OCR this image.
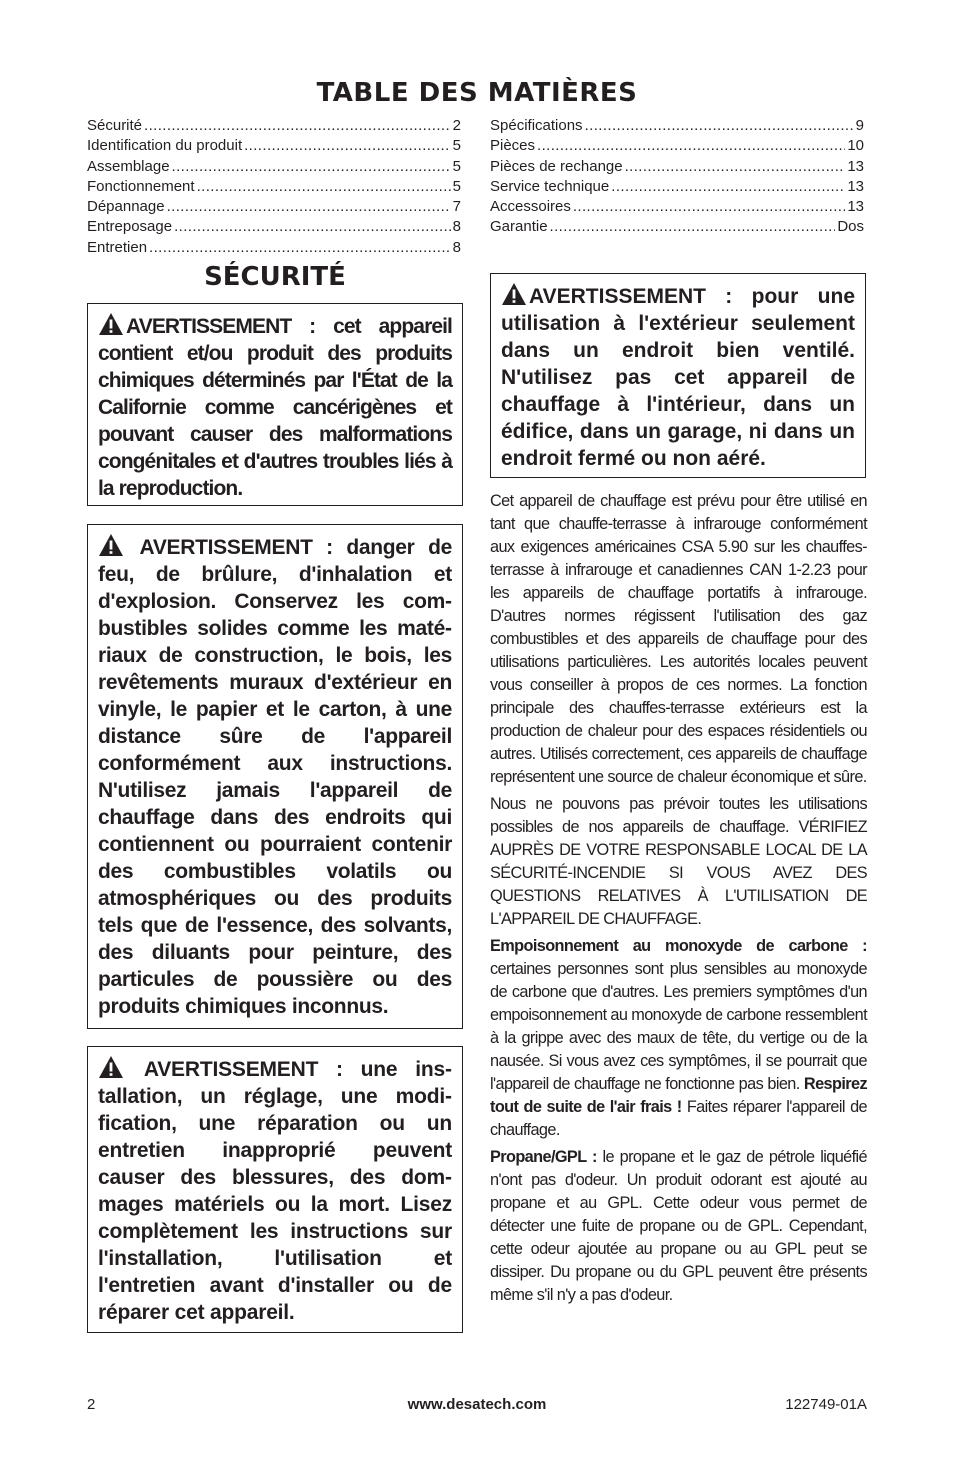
TABLE DES MATIÈRES
Sécurité .....	2
Identification du produit .....	5
Assemblage .....	5
Fonctionnement .....	5
Dépannage .....	7
Entreposage .....	8
Entretien .....	8
Spécifications .....	9
Pièces .....	10
Pièces de rechange .....	13
Service technique .....	13
Accessoires .....	13
Garantie .....	Dos
SÉCURITÉ
AVERTISSEMENT : cet appareil contient et/ou produit des produits chimiques déterminés par l'État de la Californie comme cancérigènes et pouvant causer des malformations congénitales et d'autres troubles liés à la reproduction.
AVERTISSEMENT : danger de feu, de brûlure, d'inhalation et d'explosion. Conservez les combustibles solides comme les matériaux de construction, le bois, les revêtements muraux d'extérieur en vinyle, le papier et le carton, à une distance sûre de l'appareil conformément aux instructions. N'utilisez jamais l'appareil de chauffage dans des endroits qui contiennent ou pourraient contenir des combustibles volatils ou atmosphériques ou des produits tels que de l'essence, des solvants, des diluants pour peinture, des particules de poussière ou des produits chimiques inconnus.
AVERTISSEMENT : une installation, un réglage, une modification, une réparation ou un entretien inapproprié peuvent causer des blessures, des dommages matériels ou la mort. Lisez complètement les instructions sur l'installation, l'utilisation et l'entretien avant d'installer ou de réparer cet appareil.
AVERTISSEMENT : pour une utilisation à l'extérieur seulement dans un endroit bien ventilé. N'utilisez pas cet appareil de chauffage à l'intérieur, dans un édifice, dans un garage, ni dans un endroit fermé ou non aéré.

Cet appareil de chauffage est prévu pour être utilisé en tant que chauffe-terrasse à infrarouge conformément aux exigences américaines CSA 5.90 sur les chauffes-terrasse à infrarouge et canadiennes CAN 1-2.23 pour les appareils de chauffage portatifs à infrarouge. D'autres normes régissent l'utilisation des gaz combustibles et des appareils de chauffage pour des utilisations particulières. Les autorités locales peuvent vous conseiller à propos de ces normes. La fonction principale des chauffes-terrasse extérieurs est la production de chaleur pour des espaces résidentiels ou autres. Utilisés correctement, ces appareils de chauffage représentent une source de chaleur économique et sûre.

Nous ne pouvons pas prévoir toutes les utilisations possibles de nos appareils de chauffage. VÉRIFIEZ AUPRÈS DE VOTRE RESPONSABLE LOCAL DE LA SÉCURITÉ-INCENDIE SI VOUS AVEZ DES QUESTIONS RELATIVES À L'UTILISATION DE L'APPAREIL DE CHAUFFAGE.

Empoisonnement au monoxyde de carbone : certaines personnes sont plus sensibles au monoxyde de carbone que d'autres. Les premiers symptômes d'un empoisonnement au monoxyde de carbone ressemblent à la grippe avec des maux de tête, du vertige ou de la nausée. Si vous avez ces symptômes, il se pourrait que l'appareil de chauffage ne fonctionne pas bien. Respirez tout de suite de l'air frais ! Faites réparer l'appareil de chauffage.

Propane/GPL : le propane et le gaz de pétrole liquéfié n'ont pas d'odeur. Un produit odorant est ajouté au propane et au GPL. Cette odeur vous permet de détecter une fuite de propane ou de GPL. Cependant, cette odeur ajoutée au propane ou au GPL peut se dissiper. Du propane ou du GPL peuvent être présents même s'il n'y a pas d'odeur.

2	www.desatech.com	122749-01A
